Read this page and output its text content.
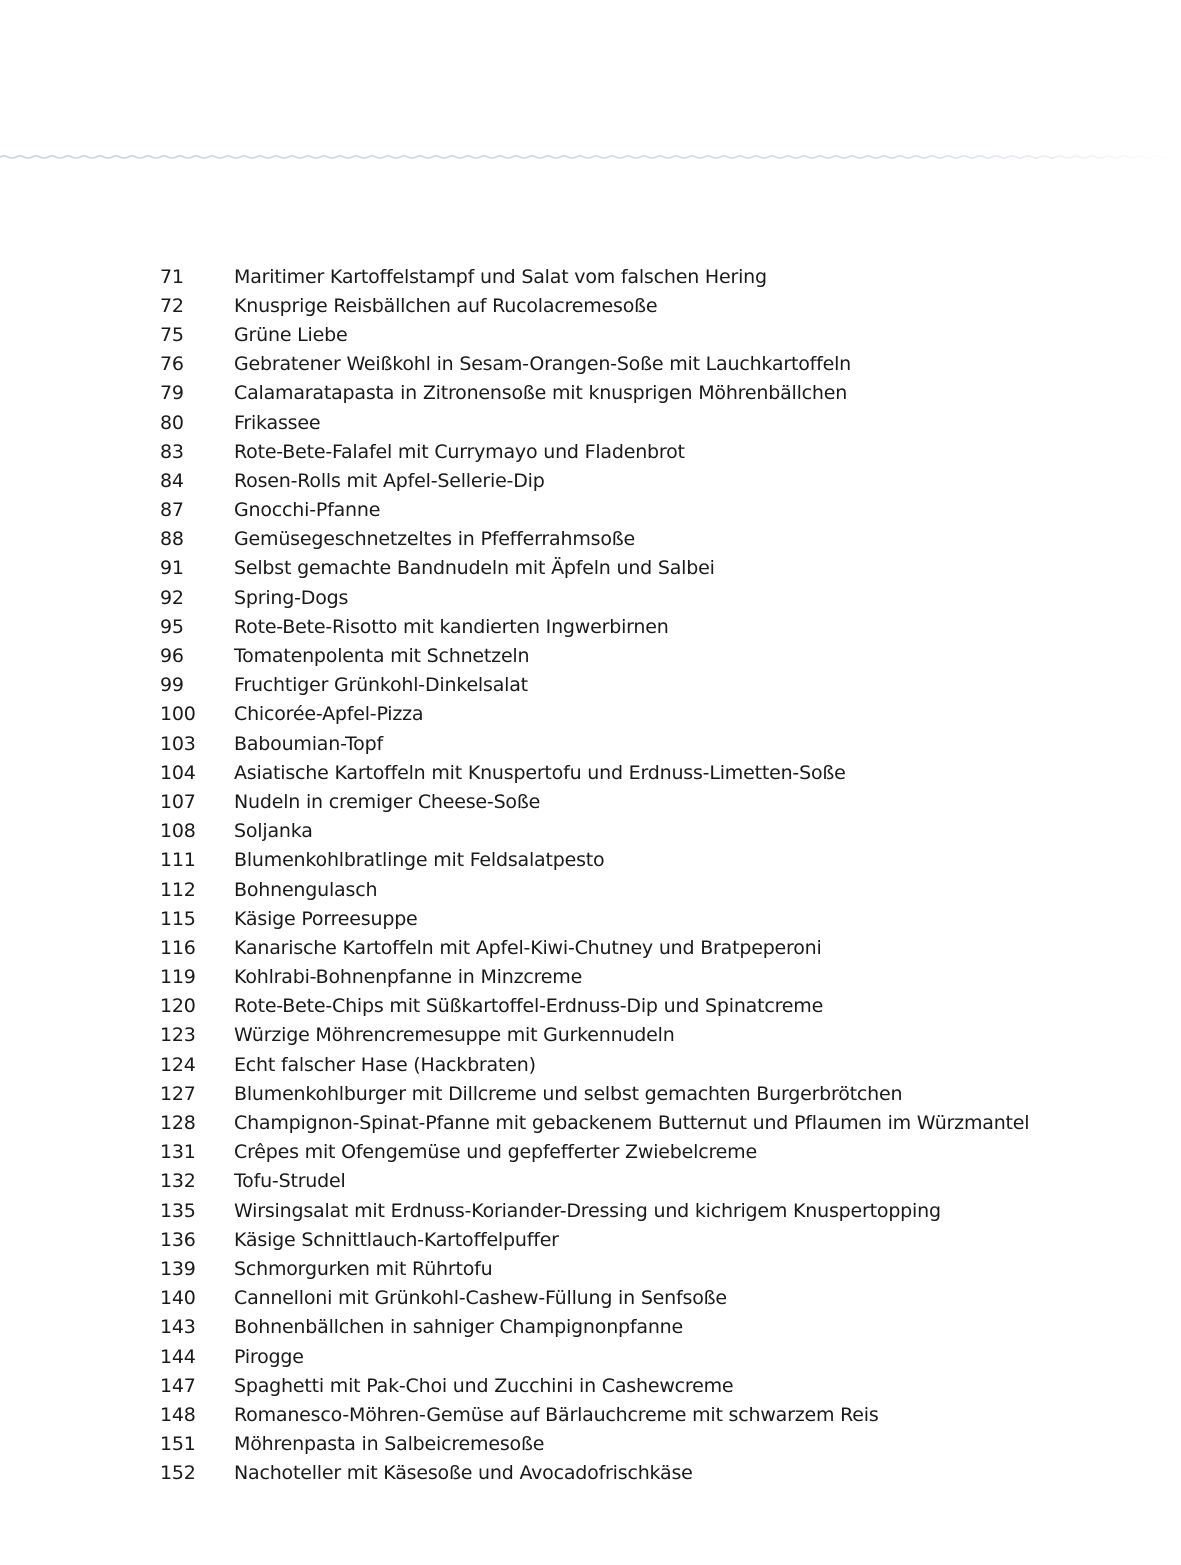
71	Maritimer Kartoffelstampf und Salat vom falschen Hering
72	Knusprige Reisbällchen auf Rucolacremesoße
75	Grüne Liebe
76	Gebratener Weißkohl in Sesam-Orangen-Soße mit Lauchkartoffeln
79	Calamaratapasta in Zitronensoße mit knusprigen Möhrenbällchen
80	Frikassee
83	Rote-Bete-Falafel mit Currymayo und Fladenbrot
84	Rosen-Rolls mit Apfel-Sellerie-Dip
87	Gnocchi-Pfanne
88	Gemüsegeschnetzeltes in Pfefferrahmsoße
91	Selbst gemachte Bandnudeln mit Äpfeln und Salbei
92	Spring-Dogs
95	Rote-Bete-Risotto mit kandierten Ingwerbirnen
96	Tomatenpolenta mit Schnetzeln
99	Fruchtiger Grünkohl-Dinkelsalat
100	Chicorée-Apfel-Pizza
103	Baboumian-Topf
104	Asiatische Kartoffeln mit Knuspertofu und Erdnuss-Limetten-Soße
107	Nudeln in cremiger Cheese-Soße
108	Soljanka
111	Blumenkohlbratlinge mit Feldsalatpesto
112	Bohnengulasch
115	Käsige Porreesuppe
116	Kanarische Kartoffeln mit Apfel-Kiwi-Chutney und Bratpeperoni
119	Kohlrabi-Bohnenpfanne in Minzcreme
120	Rote-Bete-Chips mit Süßkartoffel-Erdnuss-Dip und Spinatcreme
123	Würzige Möhrencremesuppe mit Gurkennudeln
124	Echt falscher Hase (Hackbraten)
127	Blumenkohlburger mit Dillcreme und selbst gemachten Burgerbrötchen
128	Champignon-Spinat-Pfanne mit gebackenem Butternut und Pflaumen im Würzmantel
131	Crêpes mit Ofengemüse und gepfefferter Zwiebelcreme
132	Tofu-Strudel
135	Wirsingsalat mit Erdnuss-Koriander-Dressing und kichrigem Knuspertopping
136	Käsige Schnittlauch-Kartoffelpuffer
139	Schmorgurken mit Rührtofu
140	Cannelloni mit Grünkohl-Cashew-Füllung in Senfsoße
143	Bohnenbällchen in sahniger Champignonpfanne
144	Pirogge
147	Spaghetti mit Pak-Choi und Zucchini in Cashewcreme
148	Romanesco-Möhren-Gemüse auf Bärlauchcreme mit schwarzem Reis
151	Möhrenpasta in Salbeicremesoße
152	Nachoteller mit Käsesoße und Avocadofrischkäse
